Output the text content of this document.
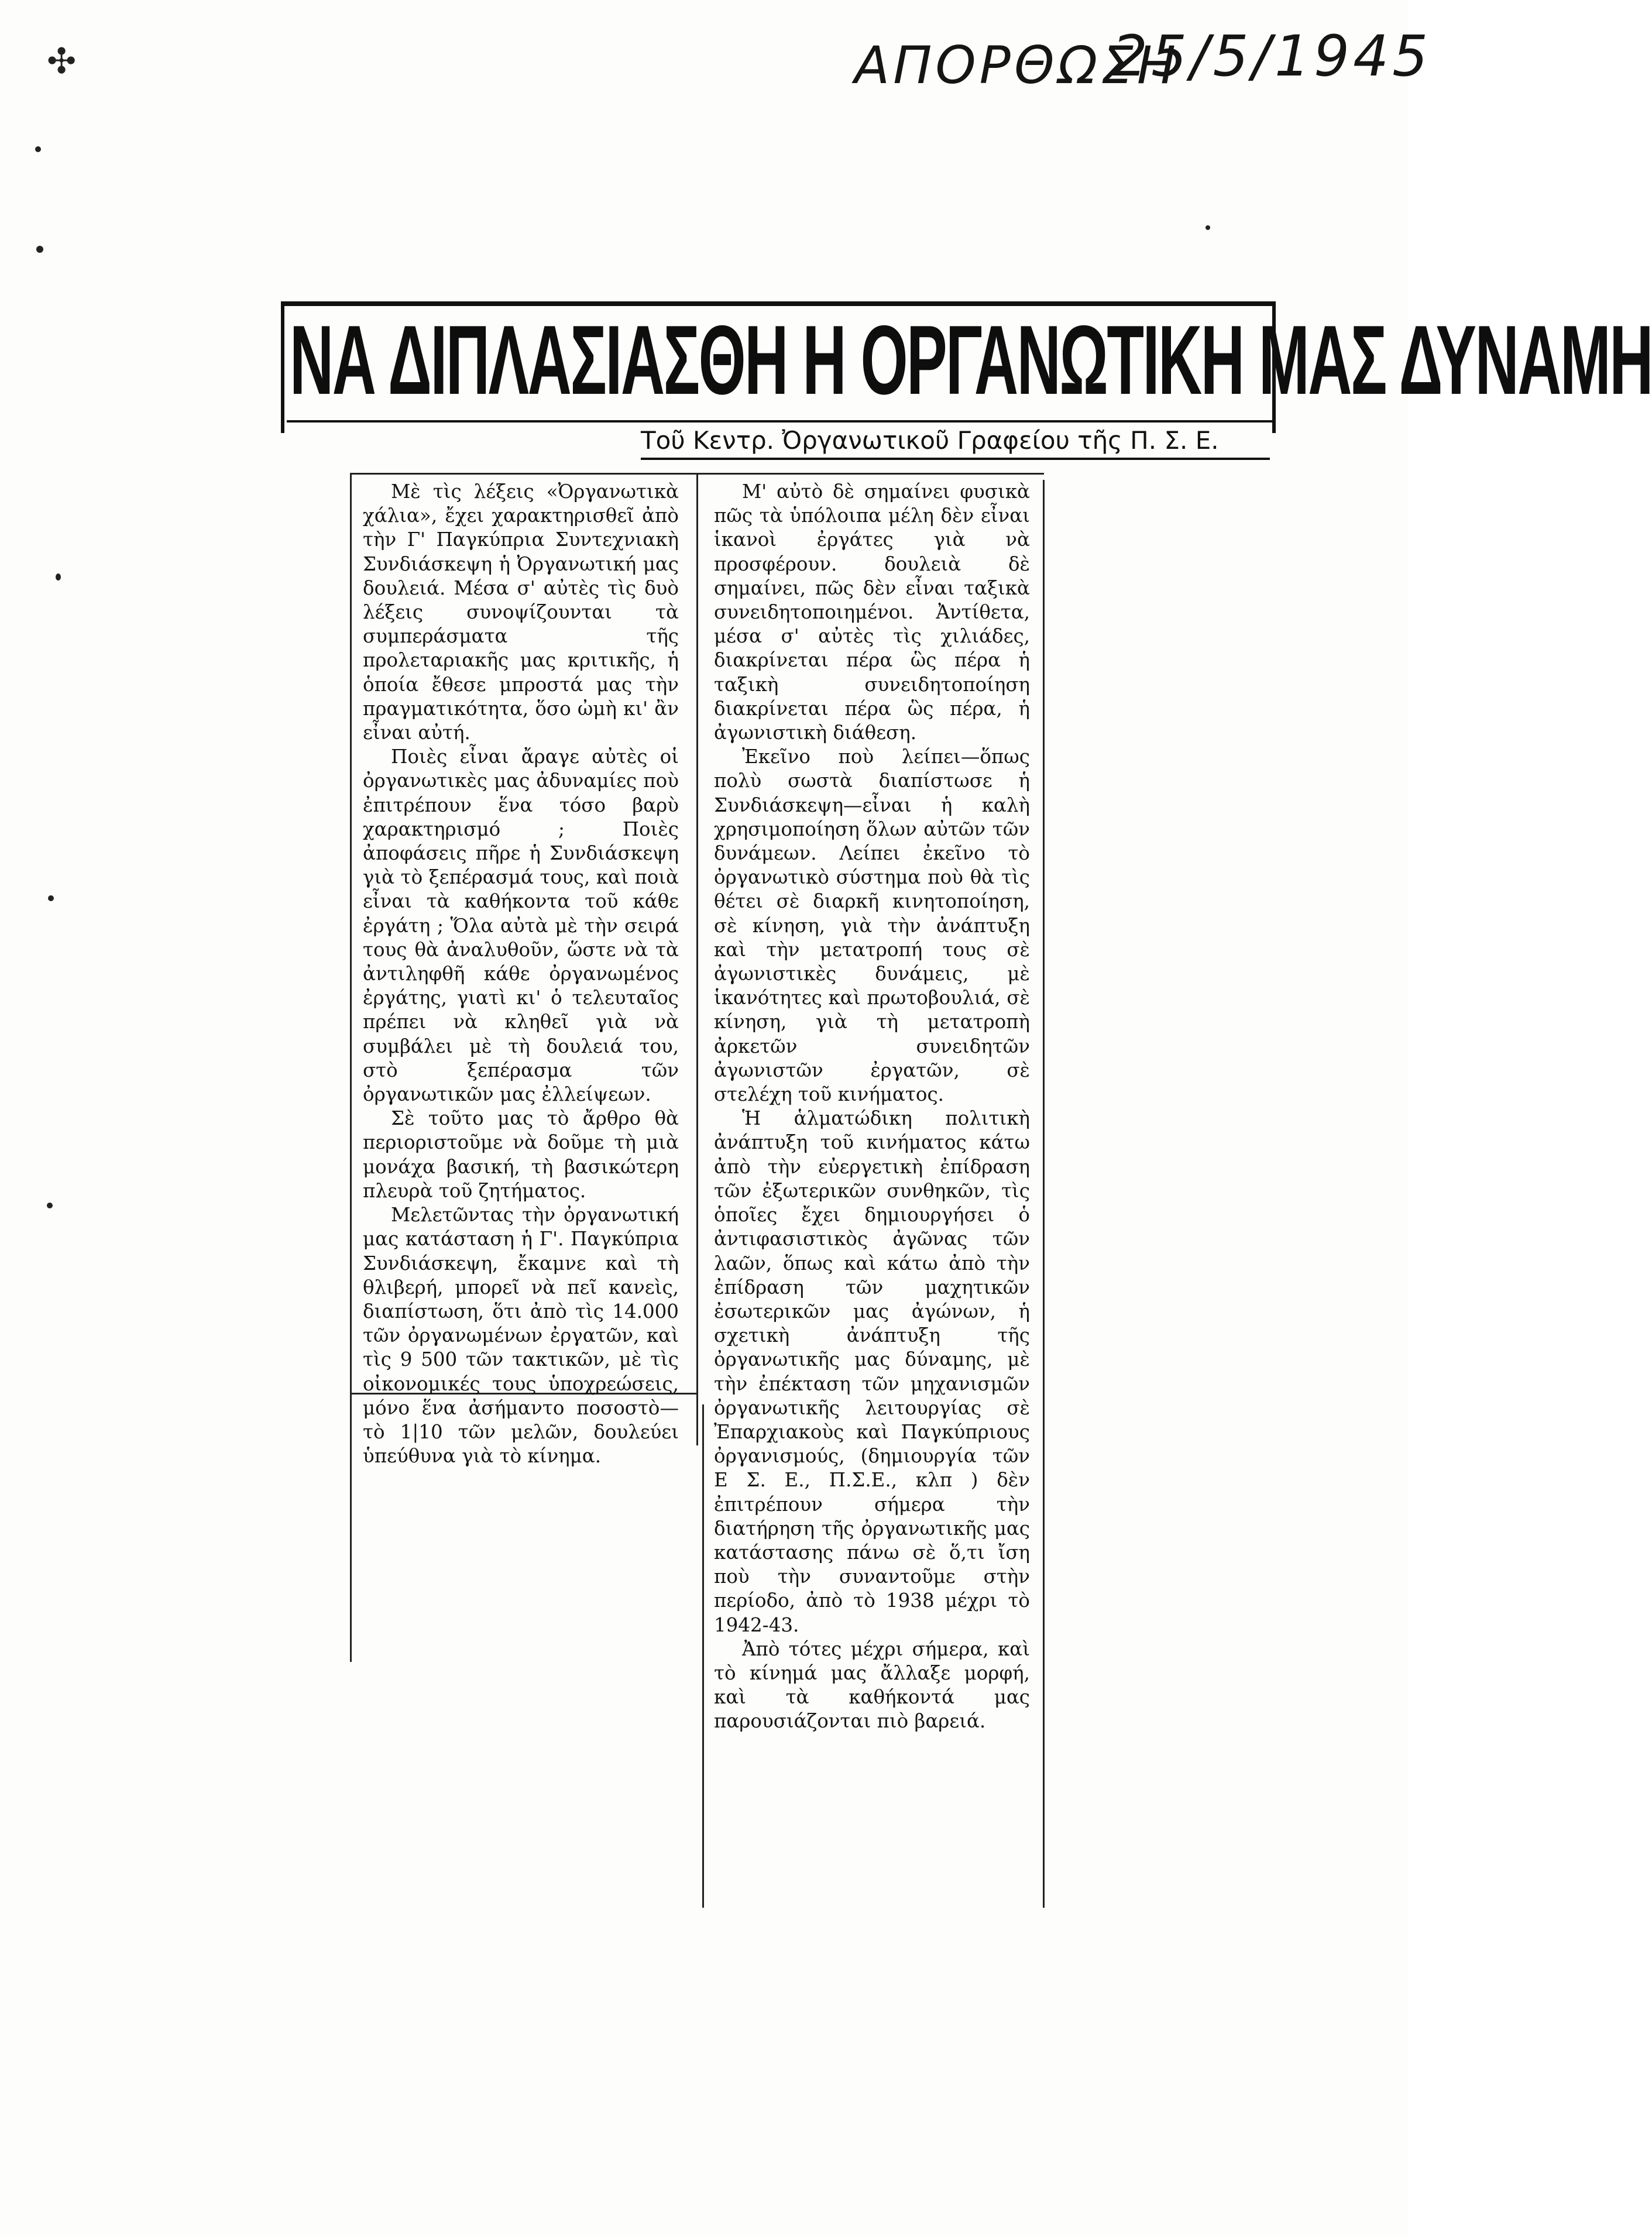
✣	ΑΠΟΡΘΩΣΗ
25/5/1945
ΝΑ ΔΙΠΛΑΣΙΑΣΘΗ Η ΟΡΓΑΝΩΤΙΚΗ ΜΑΣ ΔΥΝΑΜΗ
Τοῦ Κεντρ. Ὀργανωτικοῦ Γραφείου τῆς Π. Σ. Ε.

Μὲ τὶς λέξεις «Ὀργανωτικὰ χάλια», ἔχει χαρακτηρισθεῖ ἀπὸ τὴν Γ' Παγκύπρια Συντεχνιακὴ Συνδιάσκεψη ἡ Ὀργανωτική μας δουλειά. Μέσα σ' αὐτὲς τὶς δυὸ λέξεις συνοψίζουνται τὰ συμπεράσματα τῆς προλεταριακῆς μας κριτικῆς, ἡ ὁποία ἔθεσε μπροστά μας τὴν πραγματικότητα, ὅσο ὠμὴ κι' ἂν εἶναι αὐτή.

Ποιὲς εἶναι ἄραγε αὐτὲς οἱ ὀργανωτικὲς μας ἀδυναμίες ποὺ ἐπιτρέπουν ἕνα τόσο βαρὺ χαρακτηρισμό ; Ποιὲς ἀποφάσεις πῆρε ἡ Συνδιάσκεψη γιὰ τὸ ξεπέρασμά τους, καὶ ποιὰ εἶναι τὰ καθήκοντα τοῦ κάθε ἐργάτη ; Ὅλα αὐτὰ μὲ τὴν σειρά τους θὰ ἀναλυθοῦν, ὥστε νὰ τὰ ἀντιληφθῆ κάθε ὀργανωμένος ἐργάτης, γιατὶ κι' ὁ τελευταῖος πρέπει νὰ κληθεῖ γιὰ νὰ συμβάλει μὲ τὴ δουλειά του, στὸ ξεπέρασμα τῶν ὀργανωτικῶν μας ἐλλείψεων.

Σὲ τοῦτο μας τὸ ἄρθρο θὰ περιοριστοῦμε νὰ δοῦμε τὴ μιὰ μονάχα βασική, τὴ βασικώτερη πλευρὰ τοῦ ζητήματος.

Μελετῶντας τὴν ὀργανωτική μας κατάσταση ἡ Γ'. Παγκύπρια Συνδιάσκεψη, ἔκαμνε καὶ τὴ θλιβερή, μπορεῖ νὰ πεῖ κανεὶς, διαπίστωση, ὅτι ἀπὸ τὶς 14.000 τῶν ὀργανωμένων ἐργατῶν, καὶ τὶς 9 500 τῶν τακτικῶν, μὲ τὶς οἰκονομικές τους ὑποχρεώσεις, μόνο ἕνα ἀσήμαντο ποσοστὸ—τὸ 1|10 τῶν μελῶν, δουλεύει ὑπεύθυνα γιὰ τὸ κίνημα.

Μ' αὐτὸ δὲ σημαίνει φυσικὰ πῶς τὰ ὑπόλοιπα μέλη δὲν εἶναι ἱκανοὶ ἐργάτες γιὰ νὰ προσφέρουν. δουλειὰ δὲ σημαίνει, πῶς δὲν εἶναι ταξικὰ συνειδητοποιημένοι. Ἀντίθετα, μέσα σ' αὐτὲς τὶς χιλιάδες, διακρίνεται πέρα ὣς πέρα ἡ ταξικὴ συνειδητοποίηση διακρίνεται πέρα ὣς πέρα, ἡ ἀγωνιστικὴ διάθεση.

Ἐκεῖνο ποὺ λείπει—ὅπως πολὺ σωστὰ διαπίστωσε ἡ Συνδιάσκεψη—εἶναι ἡ καλὴ χρησιμοποίηση ὅλων αὐτῶν τῶν δυνάμεων. Λείπει ἐκεῖνο τὸ ὀργανωτικὸ σύστημα ποὺ θὰ τὶς θέτει σὲ διαρκῆ κινητοποίηση, σὲ κίνηση, γιὰ τὴν ἀνάπτυξη καὶ τὴν μετατροπή τους σὲ ἀγωνιστικὲς δυνάμεις, μὲ ἱκανότητες καὶ πρωτοβουλιά, σὲ κίνηση, γιὰ τὴ μετατροπὴ ἀρκετῶν συνειδητῶν ἀγωνιστῶν ἐργατῶν, σὲ στελέχη τοῦ κινήματος.

Ἡ ἁλματώδικη πολιτικὴ ἀνάπτυξη τοῦ κινήματος κάτω ἀπὸ τὴν εὐεργετικὴ ἐπίδραση τῶν ἐξωτερικῶν συνθηκῶν, τὶς ὁποῖες ἔχει δημιουργήσει ὁ ἀντιφασιστικὸς ἀγῶνας τῶν λαῶν, ὅπως καὶ κάτω ἀπὸ τὴν ἐπίδραση τῶν μαχητικῶν ἐσωτερικῶν μας ἀγώνων, ἡ σχετικὴ ἀνάπτυξη τῆς ὀργανωτικῆς μας δύναμης, μὲ τὴν ἐπέκταση τῶν μηχανισμῶν ὀργανωτικῆς λειτουργίας σὲ Ἐπαρχιακοὺς καὶ Παγκύπριους ὀργανισμούς, (δημιουργία τῶν Ε Σ. Ε., Π.Σ.Ε., κλπ ) δὲν ἐπιτρέπουν σήμερα τὴν διατήρηση τῆς ὀργανωτικῆς μας κατάστασης πάνω σὲ ὅ,τι ἴση ποὺ τὴν συναντοῦμε στὴν περίοδο, ἀπὸ τὸ 1938 μέχρι τὸ 1942-43.

Ἀπὸ τότες μέχρι σήμερα, καὶ τὸ κίνημά μας ἄλλαξε μορφή, καὶ τὰ καθήκοντά μας παρουσιάζονται πιὸ βαρειά.
